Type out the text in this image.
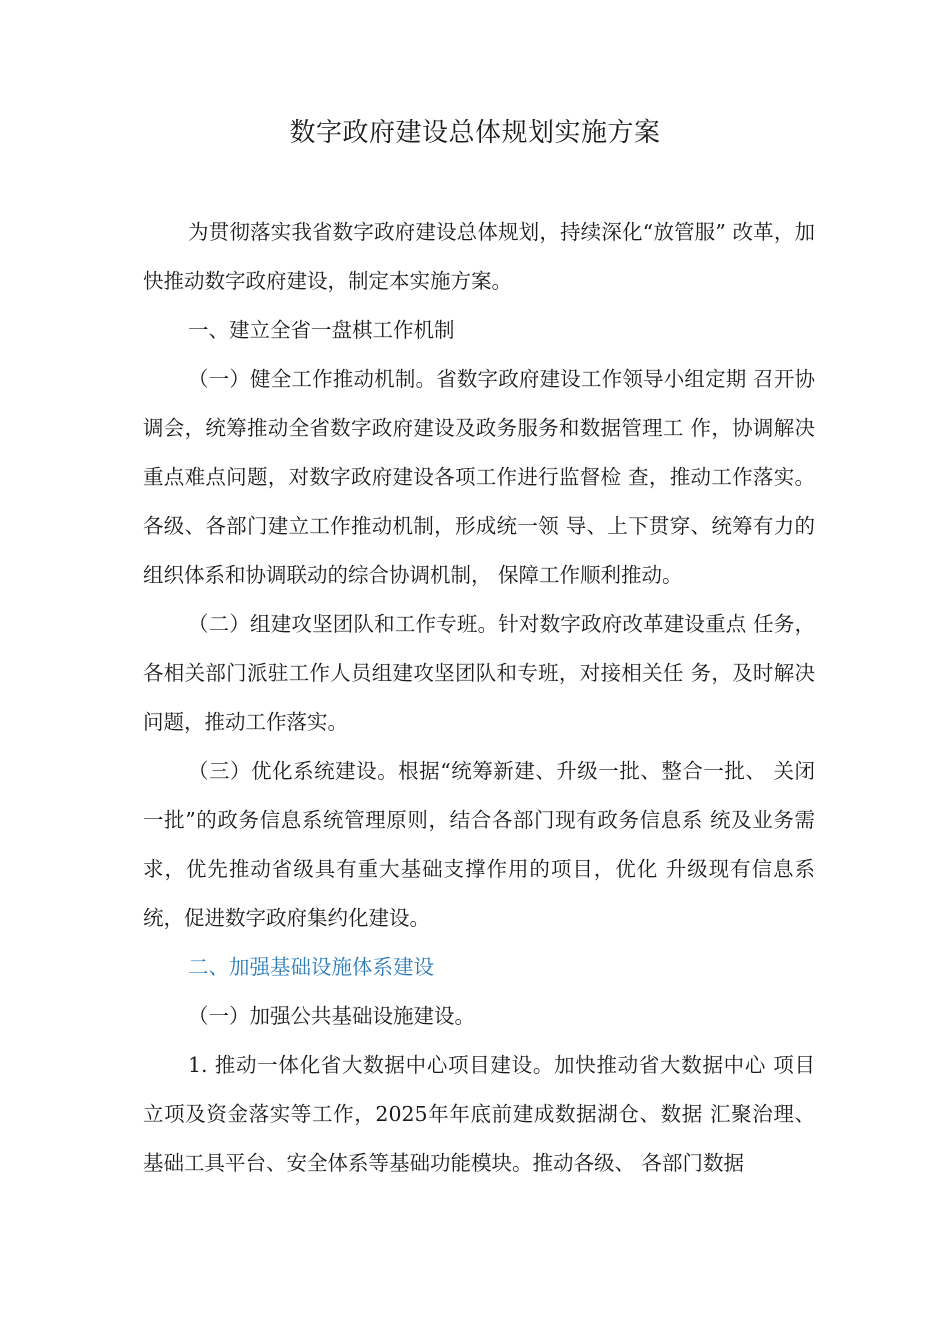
数字政府建设总体规划实施方案

为贯彻落实我省数字政府建设总体规划，持续深化“放管服” 改革，加快推动数字政府建设，制定本实施方案。

一、建立全省一盘棋工作机制

（一）健全工作推动机制。省数字政府建设工作领导小组定期 召开协调会，统筹推动全省数字政府建设及政务服务和数据管理工 作，协调解决重点难点问题，对数字政府建设各项工作进行监督检 查，推动工作落实。各级、各部门建立工作推动机制，形成统一领 导、上下贯穿、统筹有力的组织体系和协调联动的综合协调机制， 保障工作顺利推动。

（二）组建攻坚团队和工作专班。针对数字政府改革建设重点 任务，各相关部门派驻工作人员组建攻坚团队和专班，对接相关任 务，及时解决问题，推动工作落实。

（三）优化系统建设。根据“统筹新建、升级一批、整合一批、 关闭一批”的政务信息系统管理原则，结合各部门现有政务信息系 统及业务需求，优先推动省级具有重大基础支撑作用的项目，优化 升级现有信息系统，促进数字政府集约化建设。

二、加强基础设施体系建设

（一）加强公共基础设施建设。

1. 推动一体化省大数据中心项目建设。加快推动省大数据中心 项目立项及资金落实等工作，2025年年底前建成数据湖仓、数据 汇聚治理、基础工具平台、安全体系等基础功能模块。推动各级、 各部门数据
